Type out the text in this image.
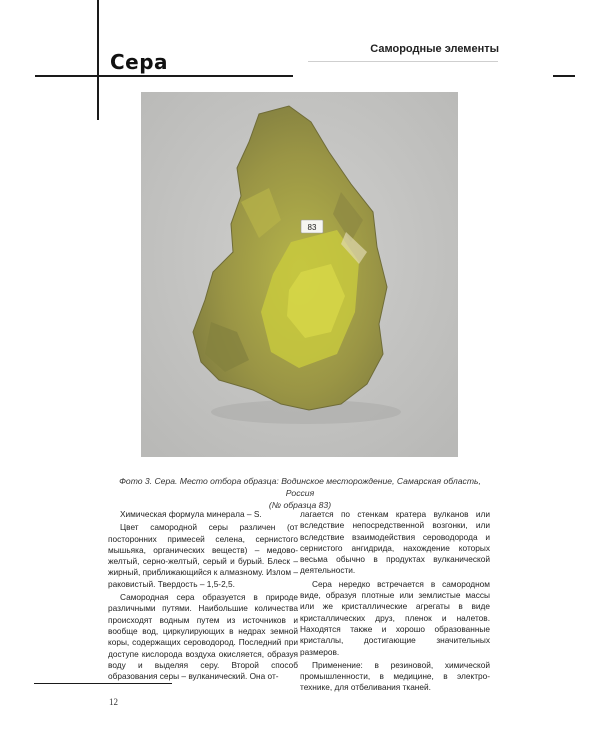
Сера
Самородные элементы
83
Фото 3. Сера. Место отбора образца: Водинское месторождение, Самарская область, Россия
(№ образца 83)

Химическая формула минерала – S.

Цвет самородной серы различен (от посторонних примесей селена, сернистого мышьяка, органических веществ) – медово-желтый, серно-желтый, серый и бурый. Блеск – жирный, приближающийся к алмазному. Излом – раковистый. Твердость – 1,5-2,5.

Самородная сера образуется в природе различными путями. Наибольшие количества происходят водным путем из источников и вообще вод, циркулирующих в недрах земной коры, содержащих сероводород. Последний при доступе кислорода воздуха окисляется, образуя воду и выделяя серу. Второй способ образования серы – вулканический. Она от-

лагается по стенкам кратера вулканов или вследствие непосредственной возгонки, или вследствие взаимодействия сероводорода и сернистого ангидрида, нахождение которых весьма обычно в продуктах вулканической деятельности.

Сера нередко встречается в самородном виде, образуя плотные или землистые массы или же кристаллические агрегаты в виде кристаллических друз, пленок и налетов. Находятся также и хорошо образованные кристаллы, достигающие значительных размеров.

Применение: в резиновой, химической промышленности, в медицине, в электро-технике, для отбеливания тканей.

12
